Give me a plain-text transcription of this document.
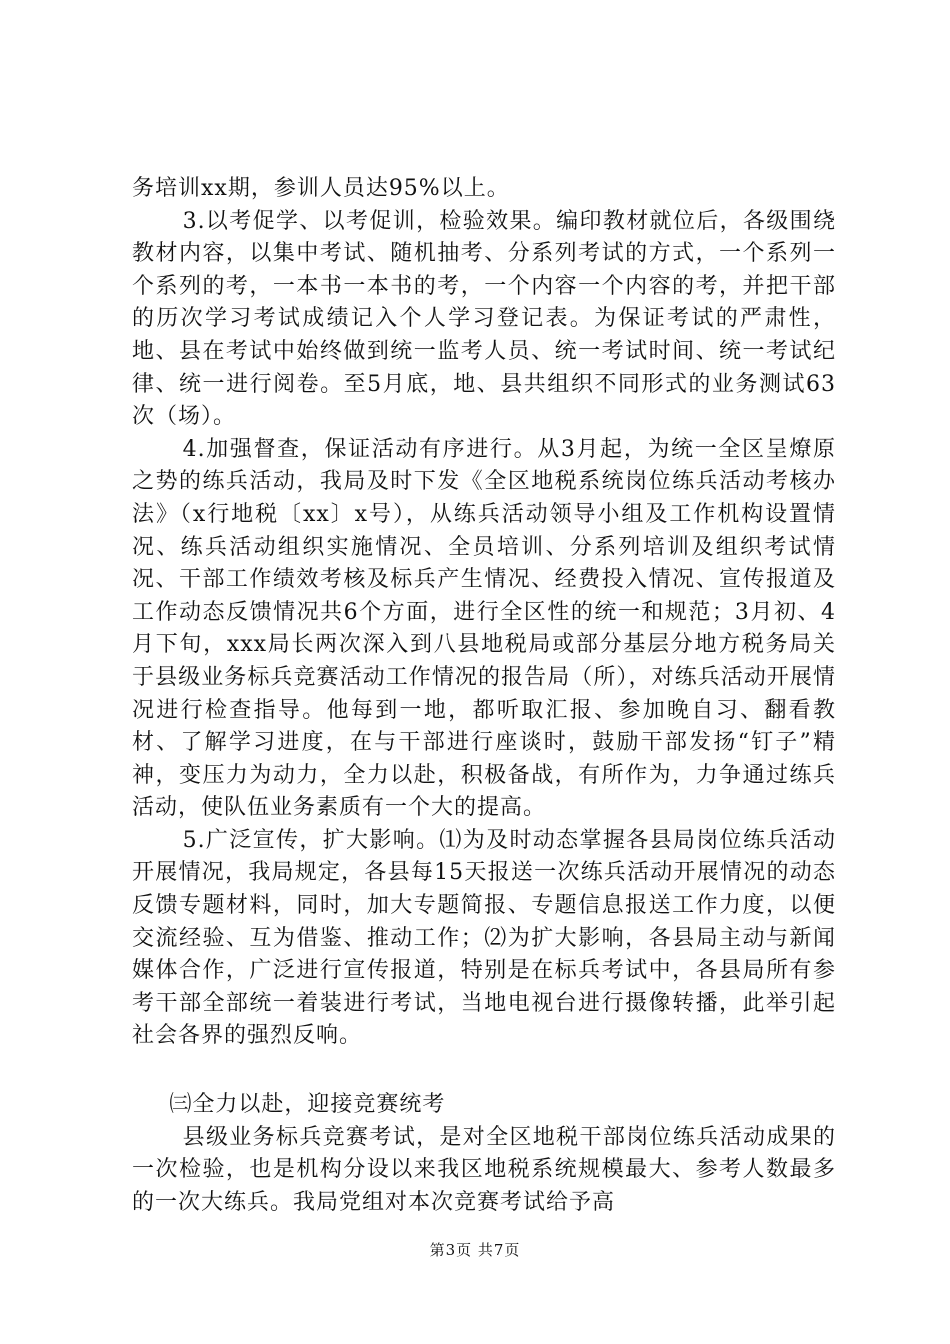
务培训xx期，参训人员达95%以上。

3.以考促学、以考促训，检验效果。编印教材就位后，各级围绕教材内容，以集中考试、随机抽考、分系列考试的方式，一个系列一个系列的考，一本书一本书的考，一个内容一个内容的考，并把干部的历次学习考试成绩记入个人学习登记表。为保证考试的严肃性，地、县在考试中始终做到统一监考人员、统一考试时间、统一考试纪律、统一进行阅卷。至5月底，地、县共组织不同形式的业务测试63次（场）。

4.加强督查，保证活动有序进行。从3月起，为统一全区呈燎原之势的练兵活动，我局及时下发《全区地税系统岗位练兵活动考核办法》（x行地税〔xx〕x号），从练兵活动领导小组及工作机构设置情况、练兵活动组织实施情况、全员培训、分系列培训及组织考试情况、干部工作绩效考核及标兵产生情况、经费投入情况、宣传报道及工作动态反馈情况共6个方面，进行全区性的统一和规范；3月初、4月下旬，xxx局长两次深入到八县地税局或部分基层分地方税务局关于县级业务标兵竞赛活动工作情况的报告局（所），对练兵活动开展情况进行检查指导。他每到一地，都听取汇报、参加晚自习、翻看教材、了解学习进度，在与干部进行座谈时，鼓励干部发扬“钉子”精神，变压力为动力，全力以赴，积极备战，有所作为，力争通过练兵活动，使队伍业务素质有一个大的提高。

5.广泛宣传，扩大影响。⑴为及时动态掌握各县局岗位练兵活动开展情况，我局规定，各县每15天报送一次练兵活动开展情况的动态反馈专题材料，同时，加大专题简报、专题信息报送工作力度，以便交流经验、互为借鉴、推动工作；⑵为扩大影响，各县局主动与新闻媒体合作，广泛进行宣传报道，特别是在标兵考试中，各县局所有参考干部全部统一着装进行考试，当地电视台进行摄像转播，此举引起社会各界的强烈反响。

㈢全力以赴，迎接竞赛统考

县级业务标兵竞赛考试，是对全区地税干部岗位练兵活动成果的一次检验，也是机构分设以来我区地税系统规模最大、参考人数最多的一次大练兵。我局党组对本次竞赛考试给予高

第3页 共7页
